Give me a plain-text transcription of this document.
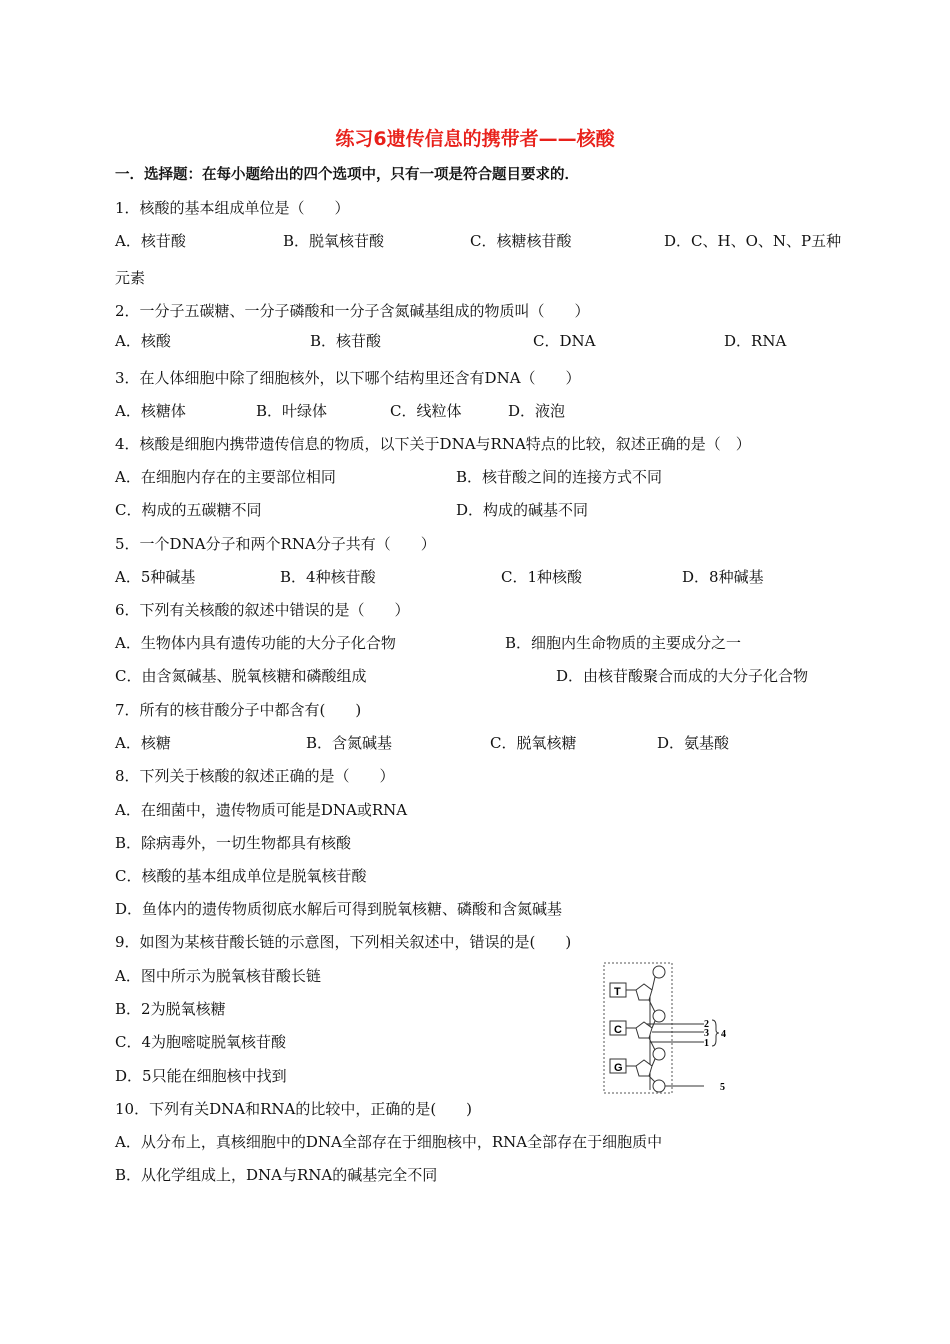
练习6遗传信息的携带者——核酸
一．选择题：在每小题给出的四个选项中，只有一项是符合题目要求的．
1．核酸的基本组成单位是（　　）
A．核苷酸	B．脱氧核苷酸	C．核糖核苷酸	D．C、H、O、N、P五种
元素
2．一分子五碳糖、一分子磷酸和一分子含氮碱基组成的物质叫（　　）
A．核酸	B．核苷酸	C．DNA	D．RNA
3．在人体细胞中除了细胞核外，以下哪个结构里还含有DNA（　　）
A．核糖体	B．叶绿体	C．线粒体	D．液泡
4．核酸是细胞内携带遗传信息的物质，以下关于DNA与RNA特点的比较，叙述正确的是（　）
A．在细胞内存在的主要部位相同	B．核苷酸之间的连接方式不同
C．构成的五碳糖不同	D．构成的碱基不同
5．一个DNA分子和两个RNA分子共有（　　）
A．5种碱基	B．4种核苷酸	C．1种核酸	D．8种碱基
6．下列有关核酸的叙述中错误的是（　　）
A．生物体内具有遗传功能的大分子化合物	B．细胞内生命物质的主要成分之一
C．由含氮碱基、脱氧核糖和磷酸组成	D．由核苷酸聚合而成的大分子化合物
7．所有的核苷酸分子中都含有(　　)
A．核糖	B．含氮碱基	C．脱氧核糖	D．氨基酸
8．下列关于核酸的叙述正确的是（　　）
A．在细菌中，遗传物质可能是DNA或RNA
B．除病毒外，一切生物都具有核酸
C．核酸的基本组成单位是脱氧核苷酸
D．鱼体内的遗传物质彻底水解后可得到脱氧核糖、磷酸和含氮碱基
9．如图为某核苷酸长链的示意图，下列相关叙述中，错误的是(　　)
A．图中所示为脱氧核苷酸长链
B．2为脱氧核糖
C．4为胞嘧啶脱氧核苷酸
D．5只能在细胞核中找到
T
C
G
2
3
1
4
5
10．下列有关DNA和RNA的比较中，正确的是(　　)
A．从分布上，真核细胞中的DNA全部存在于细胞核中，RNA全部存在于细胞质中
B．从化学组成上，DNA与RNA的碱基完全不同
